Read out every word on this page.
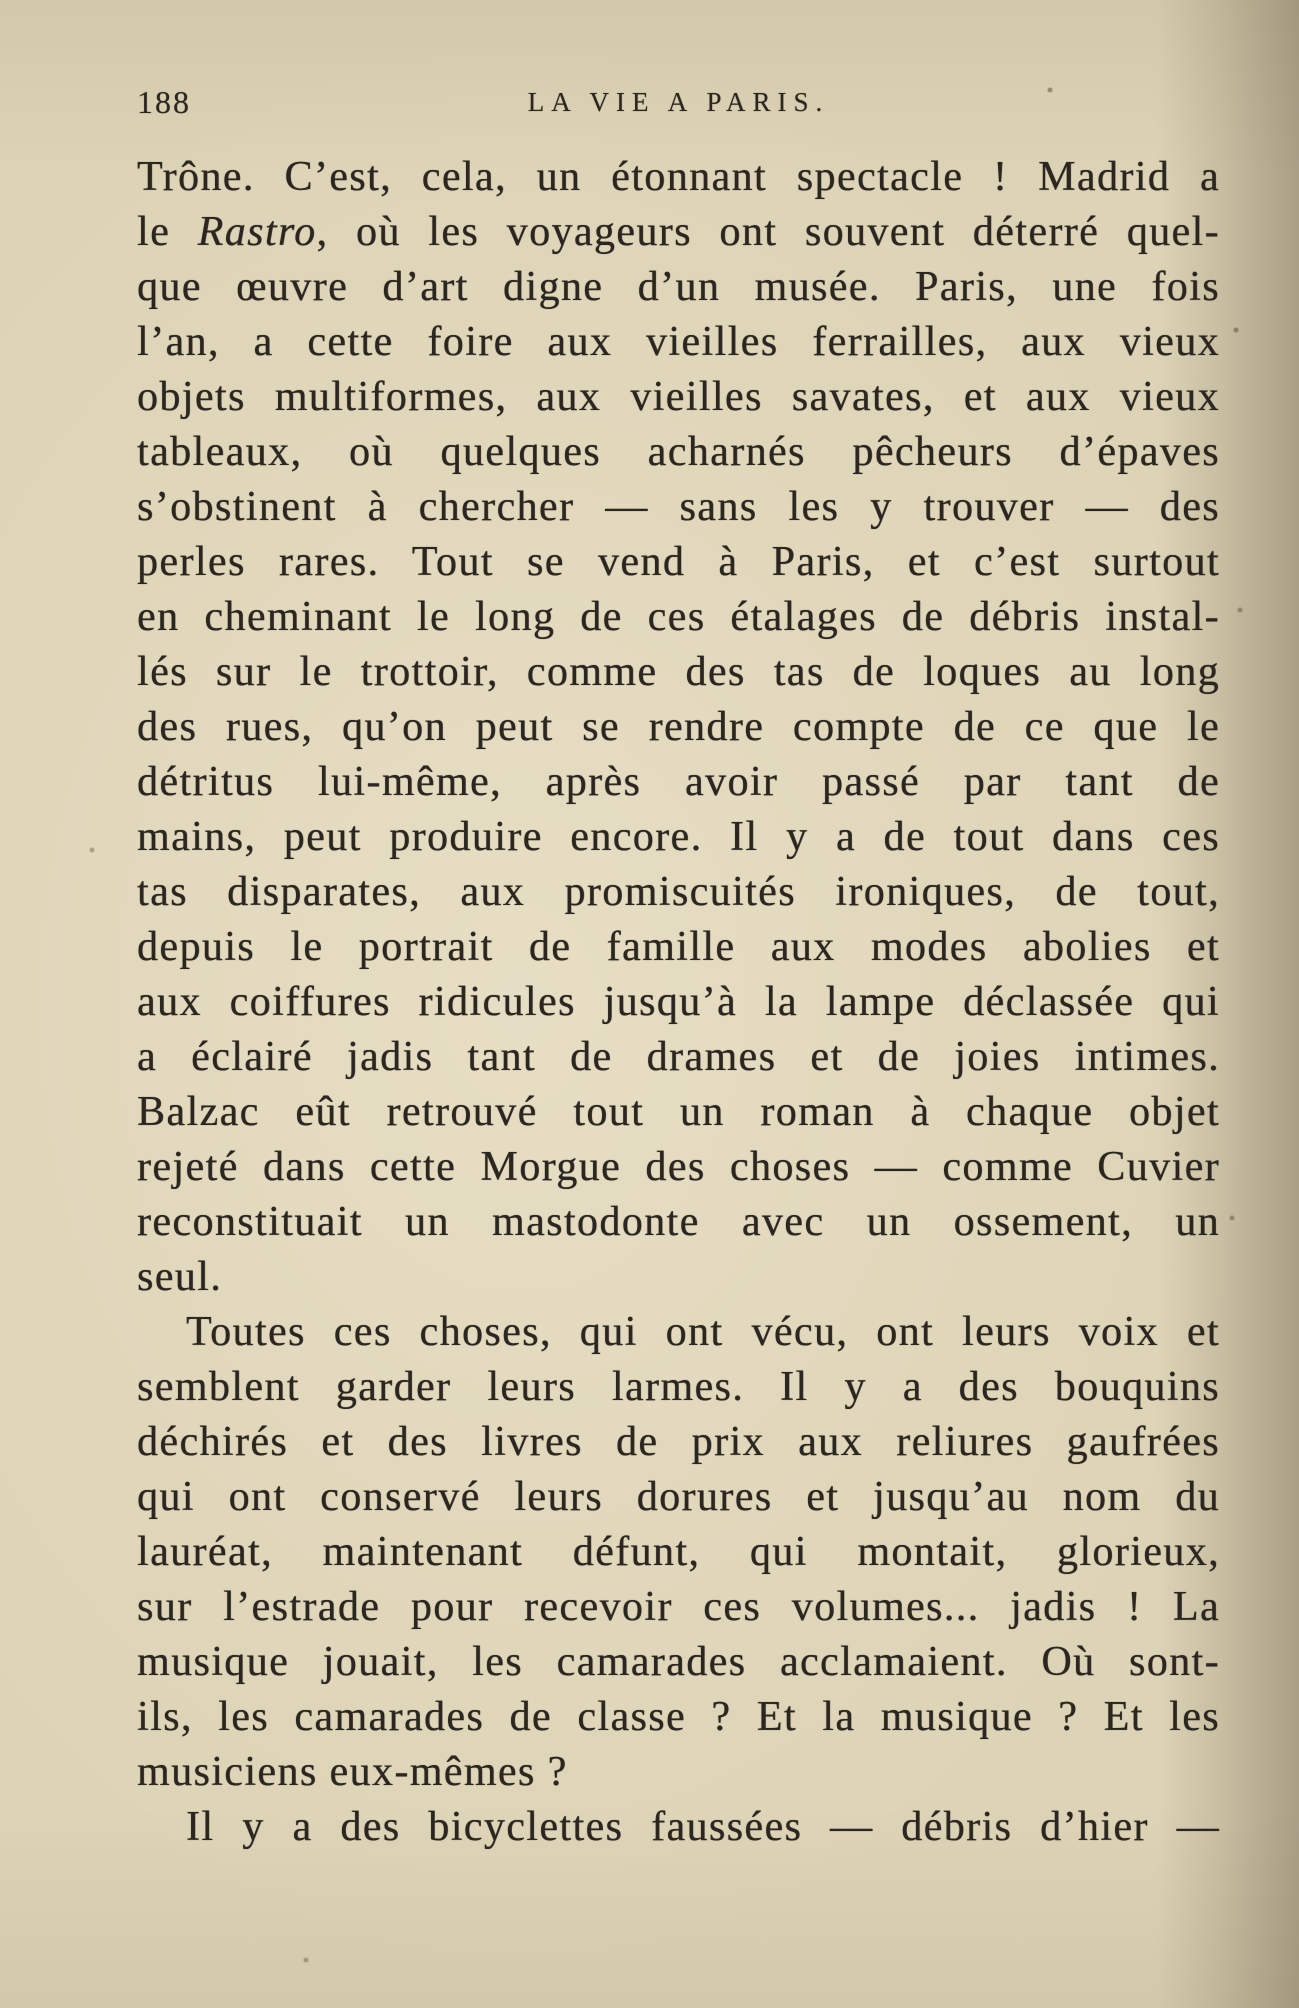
188	LA VIE A PARIS.
Trône. C’est, cela, un étonnant spectacle ! Madrid a
le Rastro, où les voyageurs ont souvent déterré quel-
que œuvre d’art digne d’un musée. Paris, une fois
l’an, a cette foire aux vieilles ferrailles, aux vieux
objets multiformes, aux vieilles savates, et aux vieux
tableaux, où quelques acharnés pêcheurs d’épaves
s’obstinent à chercher — sans les y trouver — des
perles rares. Tout se vend à Paris, et c’est surtout
en cheminant le long de ces étalages de débris instal-
lés sur le trottoir, comme des tas de loques au long
des rues, qu’on peut se rendre compte de ce que le
détritus lui-même, après avoir passé par tant de
mains, peut produire encore. Il y a de tout dans ces
tas disparates, aux promiscuités ironiques, de tout,
depuis le portrait de famille aux modes abolies et
aux coiffures ridicules jusqu’à la lampe déclassée qui
a éclairé jadis tant de drames et de joies intimes.
Balzac eût retrouvé tout un roman à chaque objet
rejeté dans cette Morgue des choses — comme Cuvier
reconstituait un mastodonte avec un ossement, un
seul.
Toutes ces choses, qui ont vécu, ont leurs voix et
semblent garder leurs larmes. Il y a des bouquins
déchirés et des livres de prix aux reliures gaufrées
qui ont conservé leurs dorures et jusqu’au nom du
lauréat, maintenant défunt, qui montait, glorieux,
sur l’estrade pour recevoir ces volumes... jadis ! La
musique jouait, les camarades acclamaient. Où sont-
ils, les camarades de classe ? Et la musique ? Et les
musiciens eux-mêmes ?
Il y a des bicyclettes faussées — débris d’hier —
